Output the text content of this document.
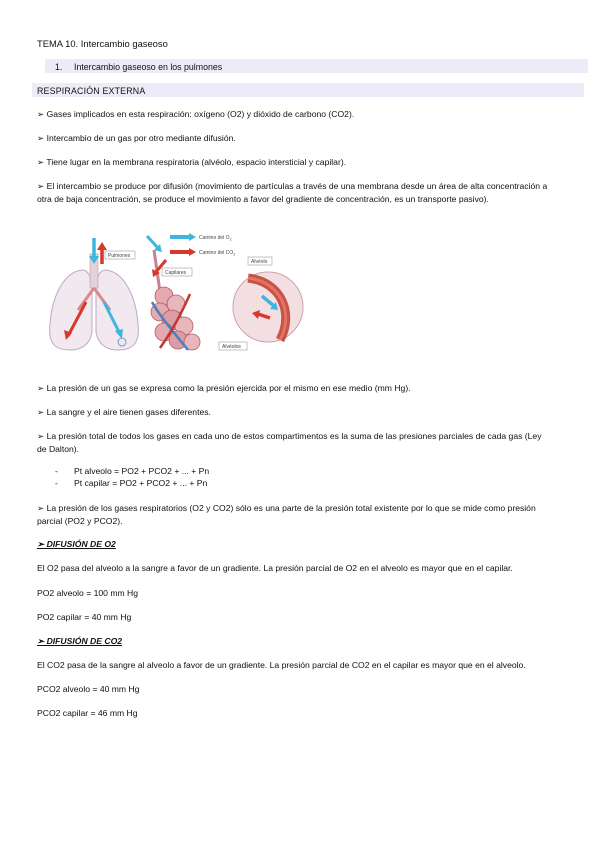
TEMA 10. Intercambio gaseoso
1. Intercambio gaseoso en los pulmones
RESPIRACIÓN EXTERNA
➢ Gases implicados en esta respiración: oxígeno (O2) y dióxido de carbono (CO2).
➢ Intercambio de un gas por otro mediante difusión.
➢ Tiene lugar en la membrana respiratoria (alvéolo, espacio intersticial y capilar).
➢ El intercambio se produce por difusión (movimiento de partículas a través de una membrana desde un área de alta concentración a otra de baja concentración, se produce el movimiento a favor del gradiente de concentración, es un transporte pasivo).
Pulmones
Capilares
Alvéolos
Camino del $O_2$
Camino del $CO_2$
Alvéolo
➢ La presión de un gas se expresa como la presión ejercida por el mismo en ese medio (mm Hg).
➢ La sangre y el aire tienen gases diferentes.
➢ La presión total de todos los gases en cada uno de estos compartimentos es la suma de las presiones parciales de cada gas (Ley de Dalton).
- Pt alveolo = PO2 + PCO2 + ... + Pn
- Pt capilar = PO2 + PCO2 + ... + Pn
➢ La presión de los gases respiratorios (O2 y CO2) sólo es una parte de la presión total existente por lo que se mide como presión parcial (PO2 y PCO2).
➢ DIFUSIÓN DE O2
El O2 pasa del alveolo a la sangre a favor de un gradiente. La presión parcial de O2 en el alveolo es mayor que en el capilar.
PO2 alveolo = 100 mm Hg
PO2 capilar = 40 mm Hg
➢ DIFUSIÓN DE CO2
El CO2 pasa de la sangre al alveolo a favor de un gradiente. La presión parcial de CO2 en el capilar es mayor que en el alveolo.
PCO2 alveolo = 40 mm Hg
PCO2 capilar = 46 mm Hg
